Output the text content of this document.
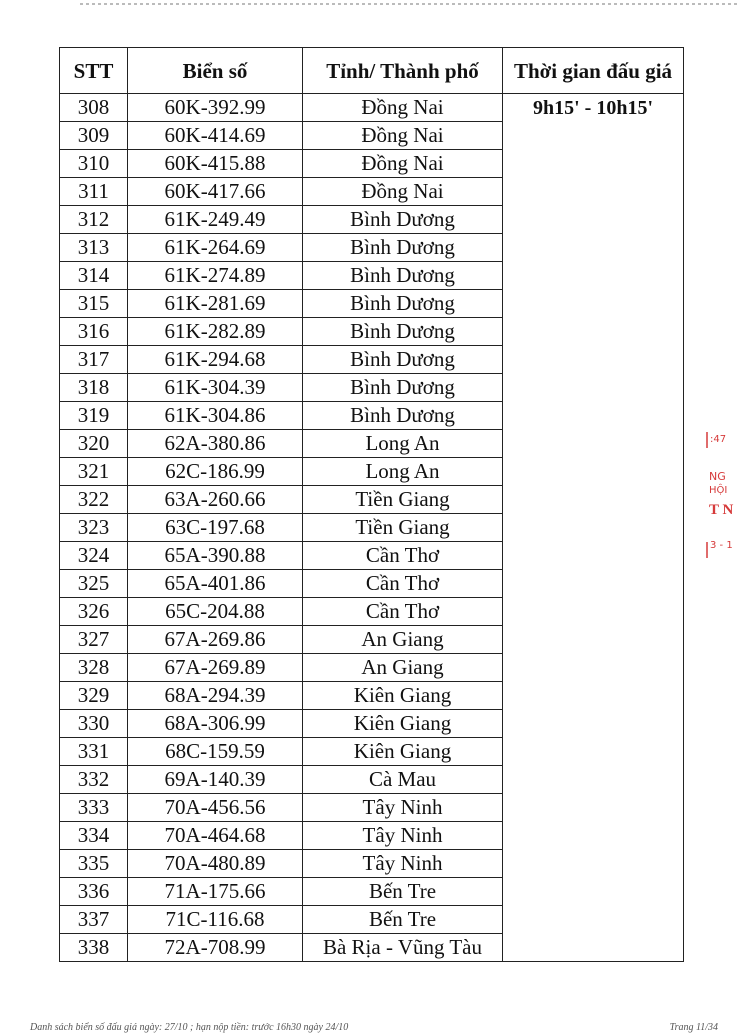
STT	Biển số	Tỉnh/ Thành phố	Thời gian đấu giá
308	60K-392.99	Đồng Nai	9h15' - 10h15'
309	60K-414.69	Đồng Nai	
310	60K-415.88	Đồng Nai	
311	60K-417.66	Đồng Nai	
312	61K-249.49	Bình Dương	
313	61K-264.69	Bình Dương	
314	61K-274.89	Bình Dương	
315	61K-281.69	Bình Dương	
316	61K-282.89	Bình Dương	
317	61K-294.68	Bình Dương	
318	61K-304.39	Bình Dương	
319	61K-304.86	Bình Dương	
320	62A-380.86	Long An	
321	62C-186.99	Long An	
322	63A-260.66	Tiền Giang	
323	63C-197.68	Tiền Giang	
324	65A-390.88	Cần Thơ	
325	65A-401.86	Cần Thơ	
326	65C-204.88	Cần Thơ	
327	67A-269.86	An Giang	
328	67A-269.89	An Giang	
329	68A-294.39	Kiên Giang	
330	68A-306.99	Kiên Giang	
331	68C-159.59	Kiên Giang	
332	69A-140.39	Cà Mau	
333	70A-456.56	Tây Ninh	
334	70A-464.68	Tây Ninh	
335	70A-480.89	Tây Ninh	
336	71A-175.66	Bến Tre	
337	71C-116.68	Bến Tre	
338	72A-708.99	Bà Rịa - Vũng Tàu	
:47
NG
HỘI
T N
3 - 1
Danh sách biển số đấu giá ngày: 27/10 ; hạn nộp tiền: trước 16h30 ngày 24/10	Trang 11/34
